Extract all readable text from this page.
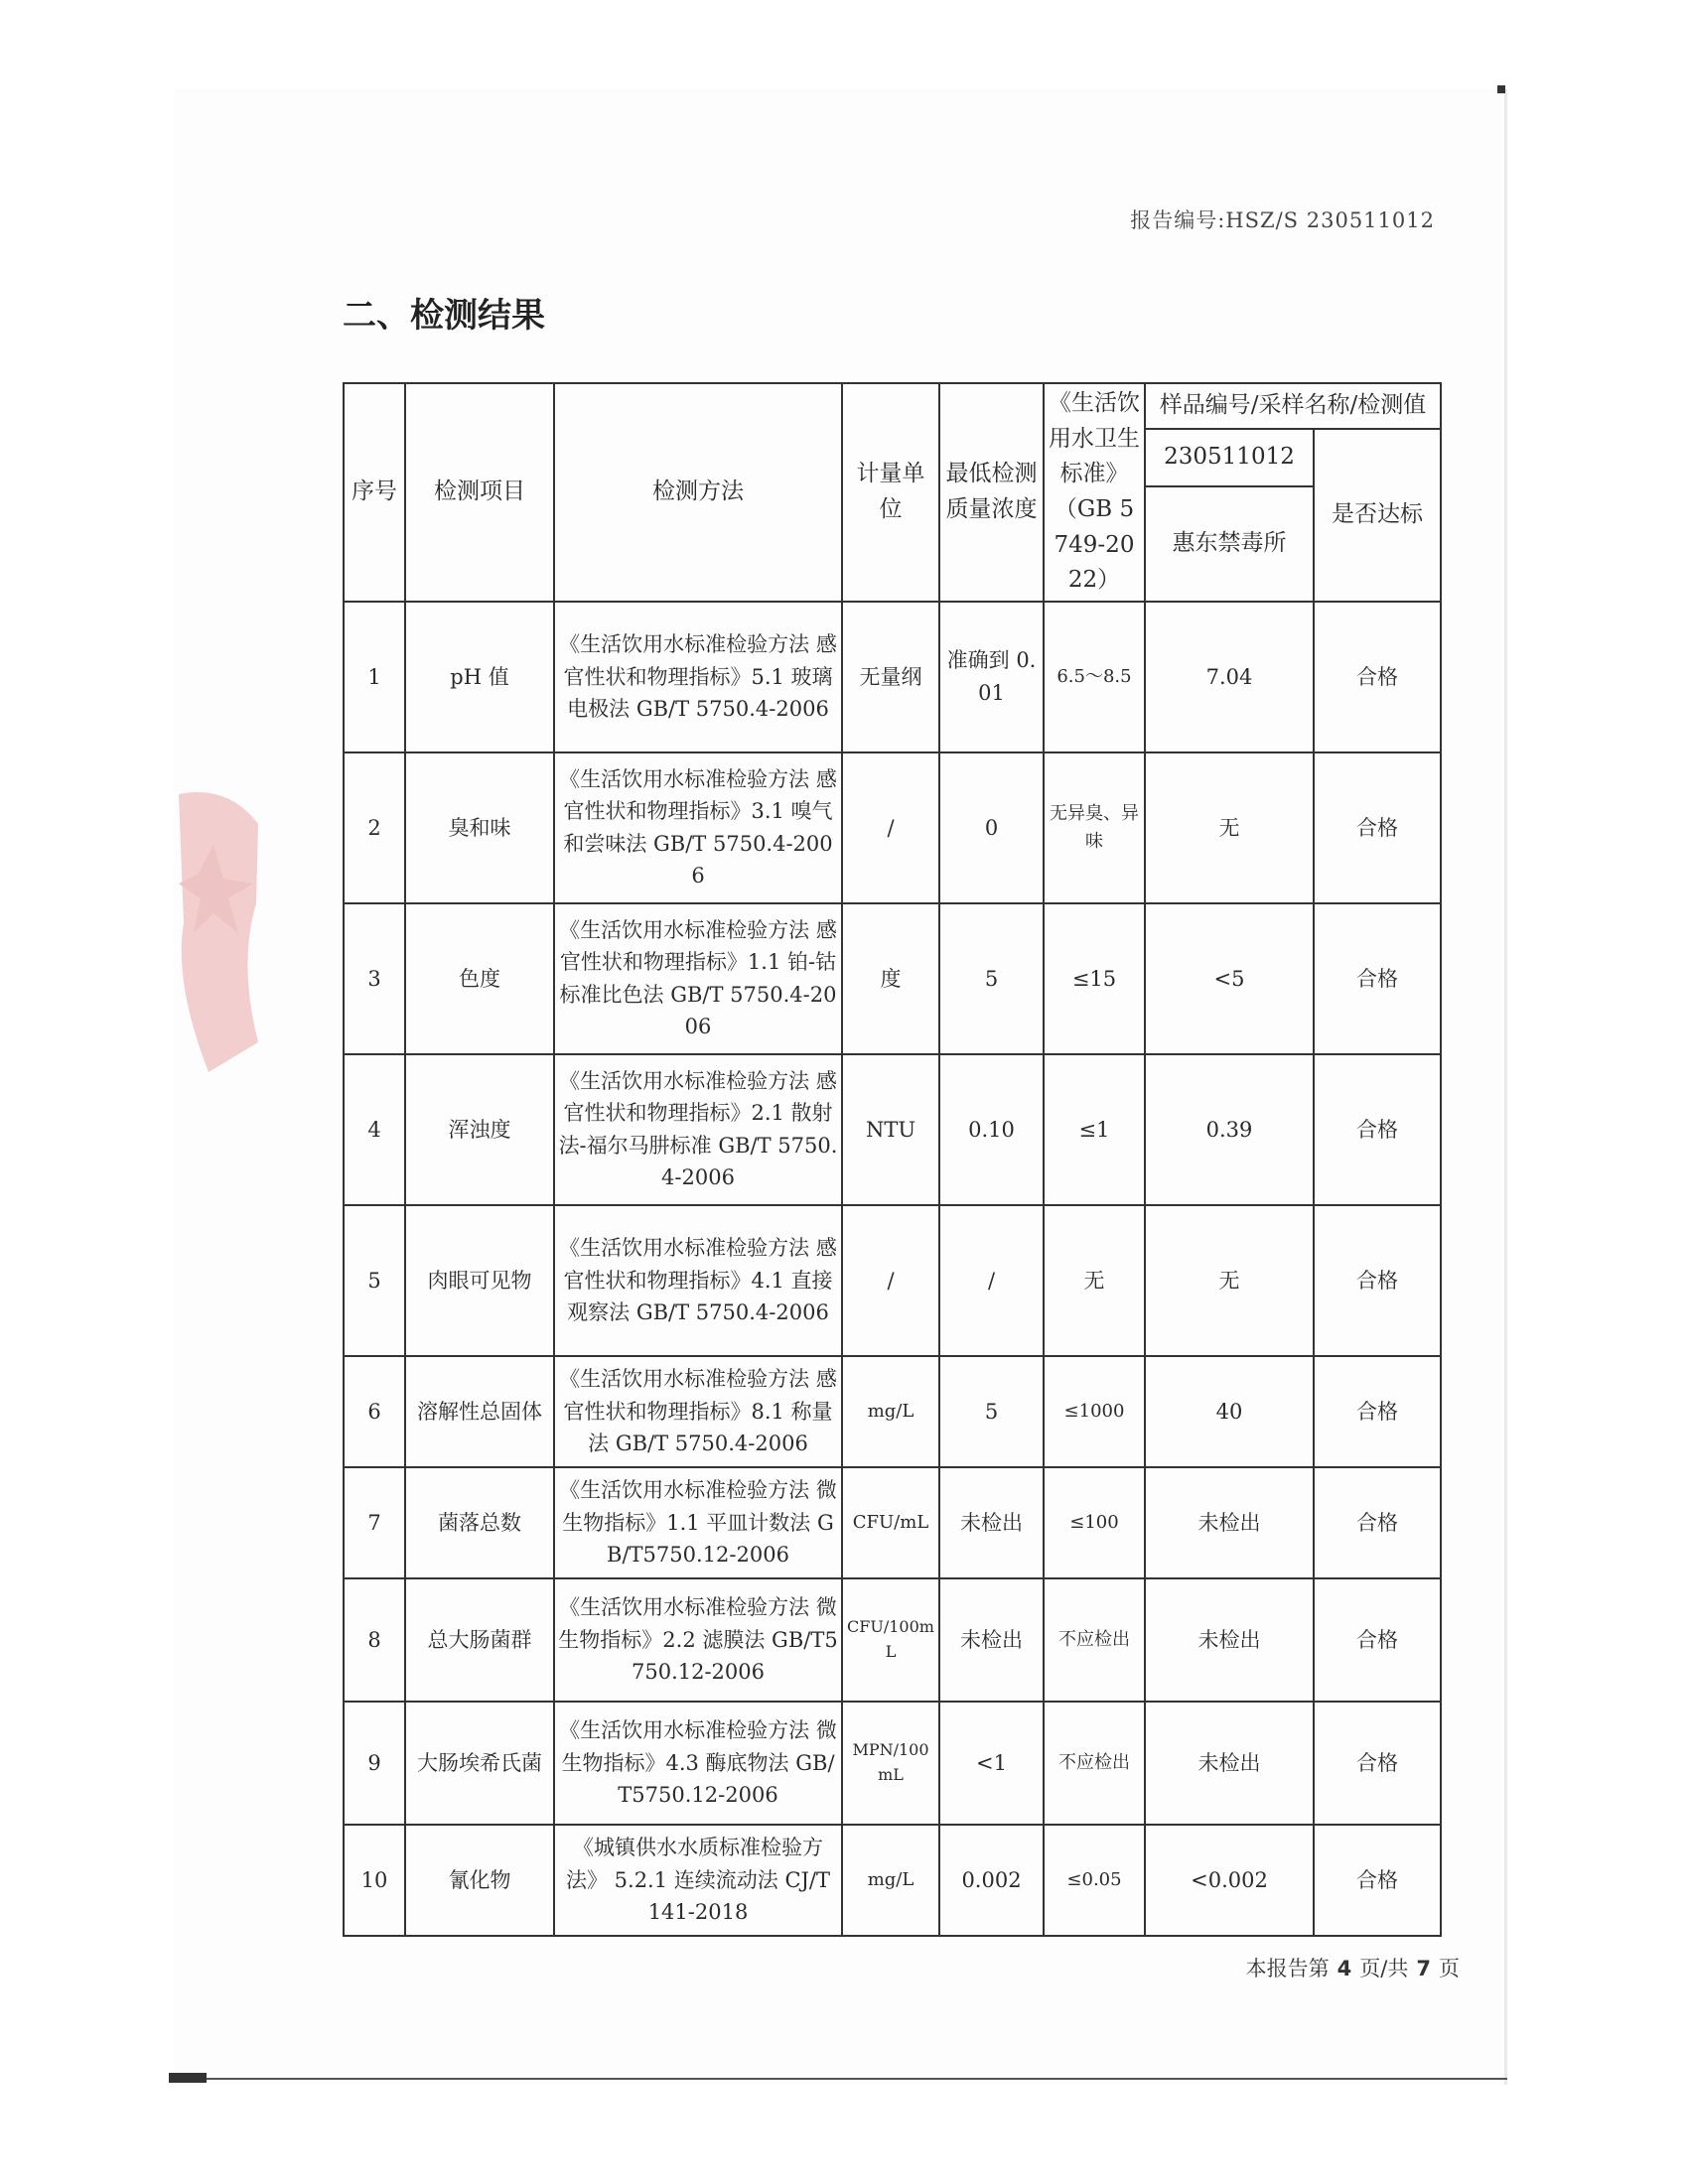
报告编号:HSZ/S 230511012
二、检测结果
序号	检测项目	检测方法	计量单位	最低检测质量浓度	《生活饮用水卫生标准》（GB 5749-2022）	样品编号/采样名称/检测值	
						230511012	是否达标
						惠东禁毒所	
1	pH 值	《生活饮用水标准检验方法 感官性状和物理指标》5.1 玻璃电极法 GB/T 5750.4-2006	无量纲	准确到 0.01	6.5～8.5	7.04	合格
2	臭和味	《生活饮用水标准检验方法 感官性状和物理指标》3.1 嗅气和尝味法 GB/T 5750.4-2006	/	0	无异臭、异味	无	合格
3	色度	《生活饮用水标准检验方法 感官性状和物理指标》1.1 铂-钴标准比色法 GB/T 5750.4-2006	度	5	≤15	<5	合格
4	浑浊度	《生活饮用水标准检验方法 感官性状和物理指标》2.1 散射法-福尔马肼标准 GB/T 5750.4-2006	NTU	0.10	≤1	0.39	合格
5	肉眼可见物	《生活饮用水标准检验方法 感官性状和物理指标》4.1 直接观察法 GB/T 5750.4-2006	/	/	无	无	合格
6	溶解性总固体	《生活饮用水标准检验方法 感官性状和物理指标》8.1 称量法 GB/T 5750.4-2006	mg/L	5	≤1000	40	合格
7	菌落总数	《生活饮用水标准检验方法 微生物指标》1.1 平皿计数法 GB/T5750.12-2006	CFU/mL	未检出	≤100	未检出	合格
8	总大肠菌群	《生活饮用水标准检验方法 微生物指标》2.2 滤膜法 GB/T5750.12-2006	CFU/100mL	未检出	不应检出	未检出	合格
9	大肠埃希氏菌	《生活饮用水标准检验方法 微生物指标》4.3 酶底物法 GB/T5750.12-2006	MPN/100mL	<1	不应检出	未检出	合格
10	氰化物	《城镇供水水质标准检验方法》 5.2.1 连续流动法 CJ/T 141-2018	mg/L	0.002	≤0.05	<0.002	合格
本报告第 4 页/共 7 页
